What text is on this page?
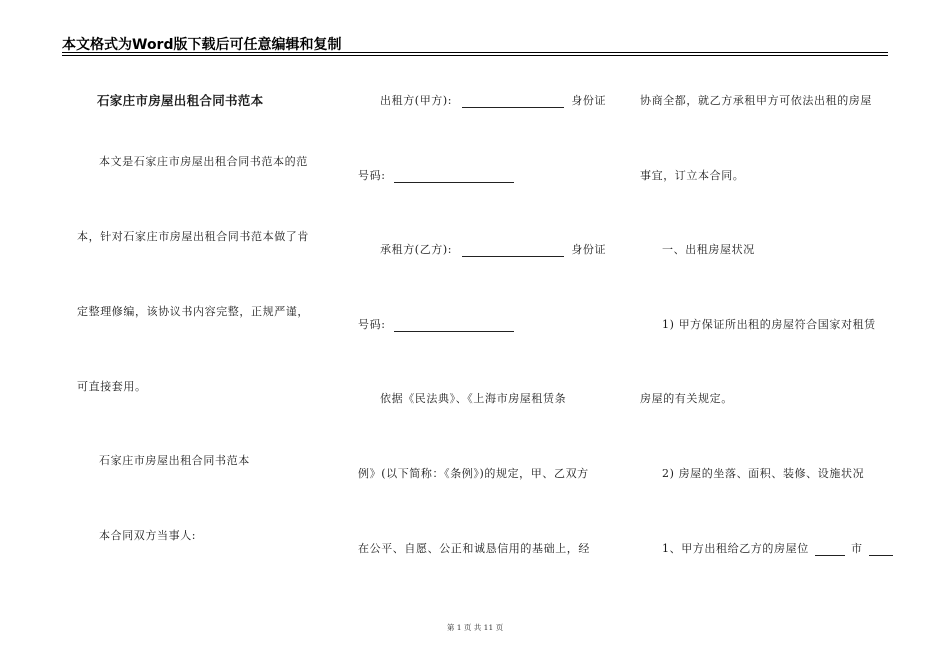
本文格式为Word版下载后可任意编辑和复制
石家庄市房屋出租合同书范本
本文是石家庄市房屋出租合同书范本的范
本，针对石家庄市房屋出租合同书范本做了肯
定整理修编，该协议书内容完整，正规严谨，
可直接套用。
石家庄市房屋出租合同书范本
本合同双方当事人:
出租方(甲方):	身份证
号码:
承租方(乙方):	身份证
号码:
依据《民法典》、《上海市房屋租赁条
例》(以下简称：《条例》)的规定，甲、乙双方
在公平、自愿、公正和诚恳信用的基础上，经
协商全都，就乙方承租甲方可依法出租的房屋
事宜，订立本合同。
一、出租房屋状况
1) 甲方保证所出租的房屋符合国家对租赁
房屋的有关规定。
2) 房屋的坐落、面积、装修、设施状况
1、甲方出租给乙方的房屋位	市
第 1 页 共 11 页
